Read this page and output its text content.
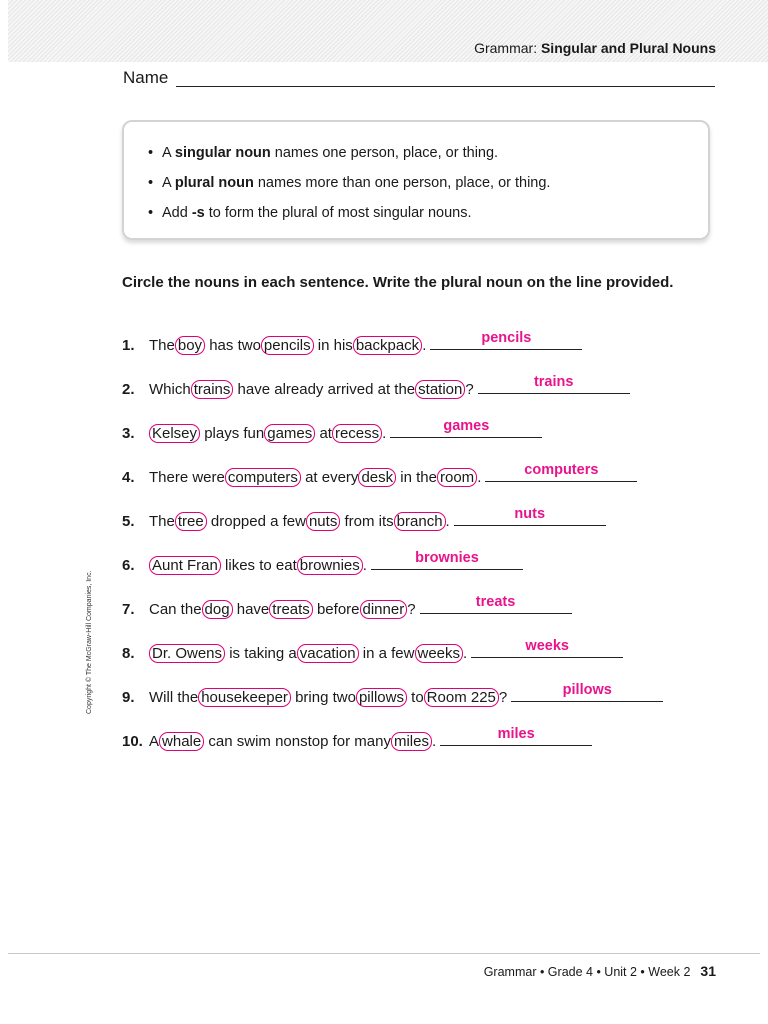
Grammar: Singular and Plural Nouns
Name
• A singular noun names one person, place, or thing.
• A plural noun names more than one person, place, or thing.
• Add -s to form the plural of most singular nouns.
Circle the nouns in each sentence. Write the plural noun on the line provided.
1. The boy has two pencils in his backpack .	pencils
2. Which trains have already arrived at the station ?	trains
3. Kelsey plays fun games at recess .	games
4. There were computers at every desk in the room .	computers
5. The tree dropped a few nuts from its branch .	nuts
6. Aunt Fran likes to eat brownies .	brownies
7. Can the dog have treats before dinner ?	treats
8. Dr. Owens is taking a vacation in a few weeks .	weeks
9. Will the housekeeper bring two pillows to Room 225 ?	pillows
10. A whale can swim nonstop for many miles .	miles
Copyright © The McGraw-Hill Companies, Inc.
Grammar • Grade 4 • Unit 2 • Week 2 31
